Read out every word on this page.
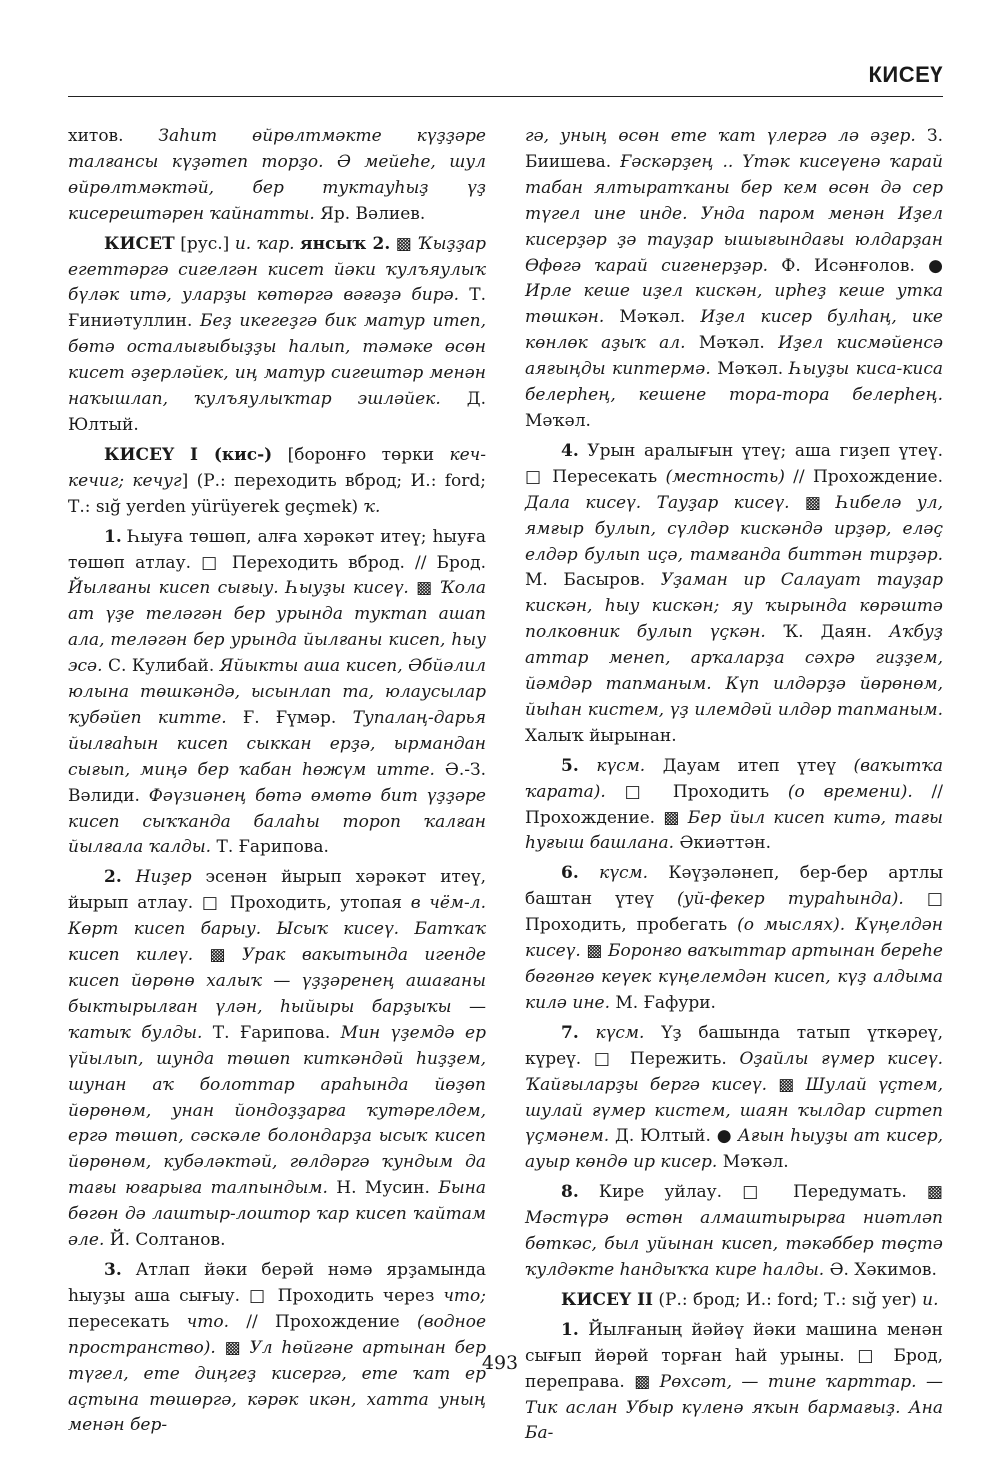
КИСЕҮ

хитов. Заһит өйрөлтмәкте күҙҙәре талғансы күҙәтеп торҙо. Ә мейеһе, шул өйрөлтмәктәй, бер туктауһыҙ үҙ кисерештәрен ҡайнатты. Яр. Вәлиев.

КИСЕТ [рус.] и. ҡар. янсыҡ 2. ▩ Ҡыҙҙар егеттәргә сигелгән кисет йәки ҡулъяулыҡ бүләк итә, уларҙы көтөргә вәғәҙә бирә. Т. Ғиниәтуллин. Беҙ икегеҙгә бик матур итеп, бөтә осталығыбыҙҙы һалып, тәмәке өсөн кисет әҙерләйек, иң матур сигештәр менән наҡышлап, ҡулъяулыҡтар эшләйек. Д. Юлтый.

КИСЕҮ I (кис-) [боронғо төрки кеч- кечиг; кечуг] (Р.: переходить вброд; И.: ford; Т.: sığ yerden yürüyerek geçmek) ҡ.

1. Һыуға төшөп, алға хәрәкәт итеү; һыуға төшөп атлау. □ Переходить вброд. // Брод. Йылғаны кисеп сығыу. Һыуҙы кисеү. ▩ Ҡола ат үҙе теләгән бер урында туктап ашап ала, теләгән бер урында йылғаны кисеп, һыу эсә. С. Кулибай. Яйыкты аша кисеп, Әбйәлил юлына төшкәндә, ысынлап та, юлаусылар ҡубәйеп китте. Ғ. Ғүмәр. Тупалаң-дарья йылғаһын кисеп сыккан ерҙә, ырмандан сығып, миңә бер ҡабан һөжүм итте. Ә.-З. Вәлиди. Фәүзиәнең бөтә өмөтө бит үҙҙәре кисеп сыҡҡанда балаһы тороп ҡалған йылғала ҡалды. Т. Ғарипова.

2. Ниҙер эсенән йырып хәрәкәт итеү, йырып атлау. □ Проходить, утопая в чём-л. Көрт кисеп барыу. Ысыҡ кисеү. Батҡаҡ кисеп килеү. ▩ Урак вакытында игенде кисеп йөрөнө халыҡ — үҙҙәренең ашағаны быктырылған үлән, һыйыры барҙыҡы — ҡатыҡ булды. Т. Ғарипова. Мин үҙемдә ер үйылып, шунда төшөп киткәндәй һиҙҙем, шунан аҡ болоттар араһында йөҙөп йөрөнөм, унан йондоҙҙарға ҡутәрелдем, ергә төшөп, сәскәле болондарҙа ысыҡ кисеп йөрөнөм, кубәләктәй, гөлдәргә ҡундым да тағы юғарыға талпындым. Н. Мусин. Бына бөгөн дә лаштыр-лоштор ҡар кисеп ҡайтам әле. Й. Солтанов.

3. Атлап йәки берәй нәмә ярҙамында һыуҙы аша сығыу. □ Проходить через что; пересекать что. // Прохождение (водное пространство). ▩ Ул һөйгәне артынан бер түгел, ете диңгеҙ кисергә, ете ҡат ер аҫтына төшөргә, кәрәк икән, хатта уның менән бер-

гә, уның өсөн ете ҡат үлергә лә әҙер. З. Биишева. Ғәскәрҙең .. Үтәк кисеүенә ҡарай табан ялтыратҡаны бер кем өсөн дә сер түгел ине инде. Унда паром менән Иҙел кисерҙәр ҙә тауҙар ышығындағы юлдарҙан Өфөгә ҡарай сигенерҙәр. Ф. Исәнғолов. ● Ирле кеше иҙел кискән, ирһеҙ кеше утка төшкән. Мәҡәл. Иҙел кисер булһаң, ике көнлөк аҙыҡ ал. Мәҡәл. Иҙел кисмәйенсә аяғыңды киптермә. Мәҡәл. Һыуҙы киса-киса белерһең, кешене тора-тора белерһең. Мәҡәл.

4. Урын аралығын үтеү; аша гиҙеп үтеү. □ Пересекать (местность) // Прохождение. Дала кисеү. Тауҙар кисеү. ▩ Һибелә ул, ямғыр булып, сүлдәр кискәндә ирҙәр, еләҫ елдәр булып иҫә, тамғанда биттән тирҙәр. М. Басыров. Уҙаман ир Салауат тауҙар кискән, һыу кискән; яу ҡырында көрәштә полковник булып үҫкән. Ҡ. Даян. Аҡбуҙ аттар менеп, арҡаларҙа сәхрә гиҙҙем, йәмдәр тапманым. Күп илдәрҙә йөрөнөм, йыһан кистем, үҙ илемдәй илдәр тапманым. Халыҡ йырынан.

5. күсм. Дауам итеп үтеү (ваҡытҡа ҡарата). □ Проходить (о времени). // Прохождение. ▩ Бер йыл кисеп китә, тағы һуғыш башлана. Әкиәттән.

6. күсм. Кәүҙәләнеп, бер-бер артлы баштан үтеү (уй-фекер тураһында). □ Проходить, пробегать (о мыслях). Күңелдән кисеү. ▩ Боронғо ваҡыттар артынан береһе бөгөнгө кеүек күңелемдән кисеп, күҙ алдыма килә ине. М. Ғафури.

7. күсм. Үҙ башында татып үткәреү, күреү. □ Пережить. Оҙайлы ғүмер кисеү. Ҡайғыларҙы бергә кисеү. ▩ Шулай үҫтем, шулай ғүмер кистем, шаян ҡылдар сиртеп үҫмәнем. Д. Юлтый. ● Ағын һыуҙы ат кисер, ауыр көндө ир кисер. Мәҡәл.

8. Кире уйлау. □ Передумать. ▩ Мәстүрә өстөн алмаштырырға ниәтләп бөткәс, был уйынан кисеп, тәкәббер төҫтә ҡулдәкте һандыҡҡа кире һалды. Ә. Хәкимов.

КИСЕҮ II (Р.: брод; И.: ford; Т.: sığ yer) и.

1. Йылғаның йәйәү йәки машина менән сығып йөрөй торған һай урыны. □ Брод, переправа. ▩ Рөхсәт, — тине ҡарттар. — Тик аслан Убыр күленә яҡын бармағыҙ. Ана Ба-

493
